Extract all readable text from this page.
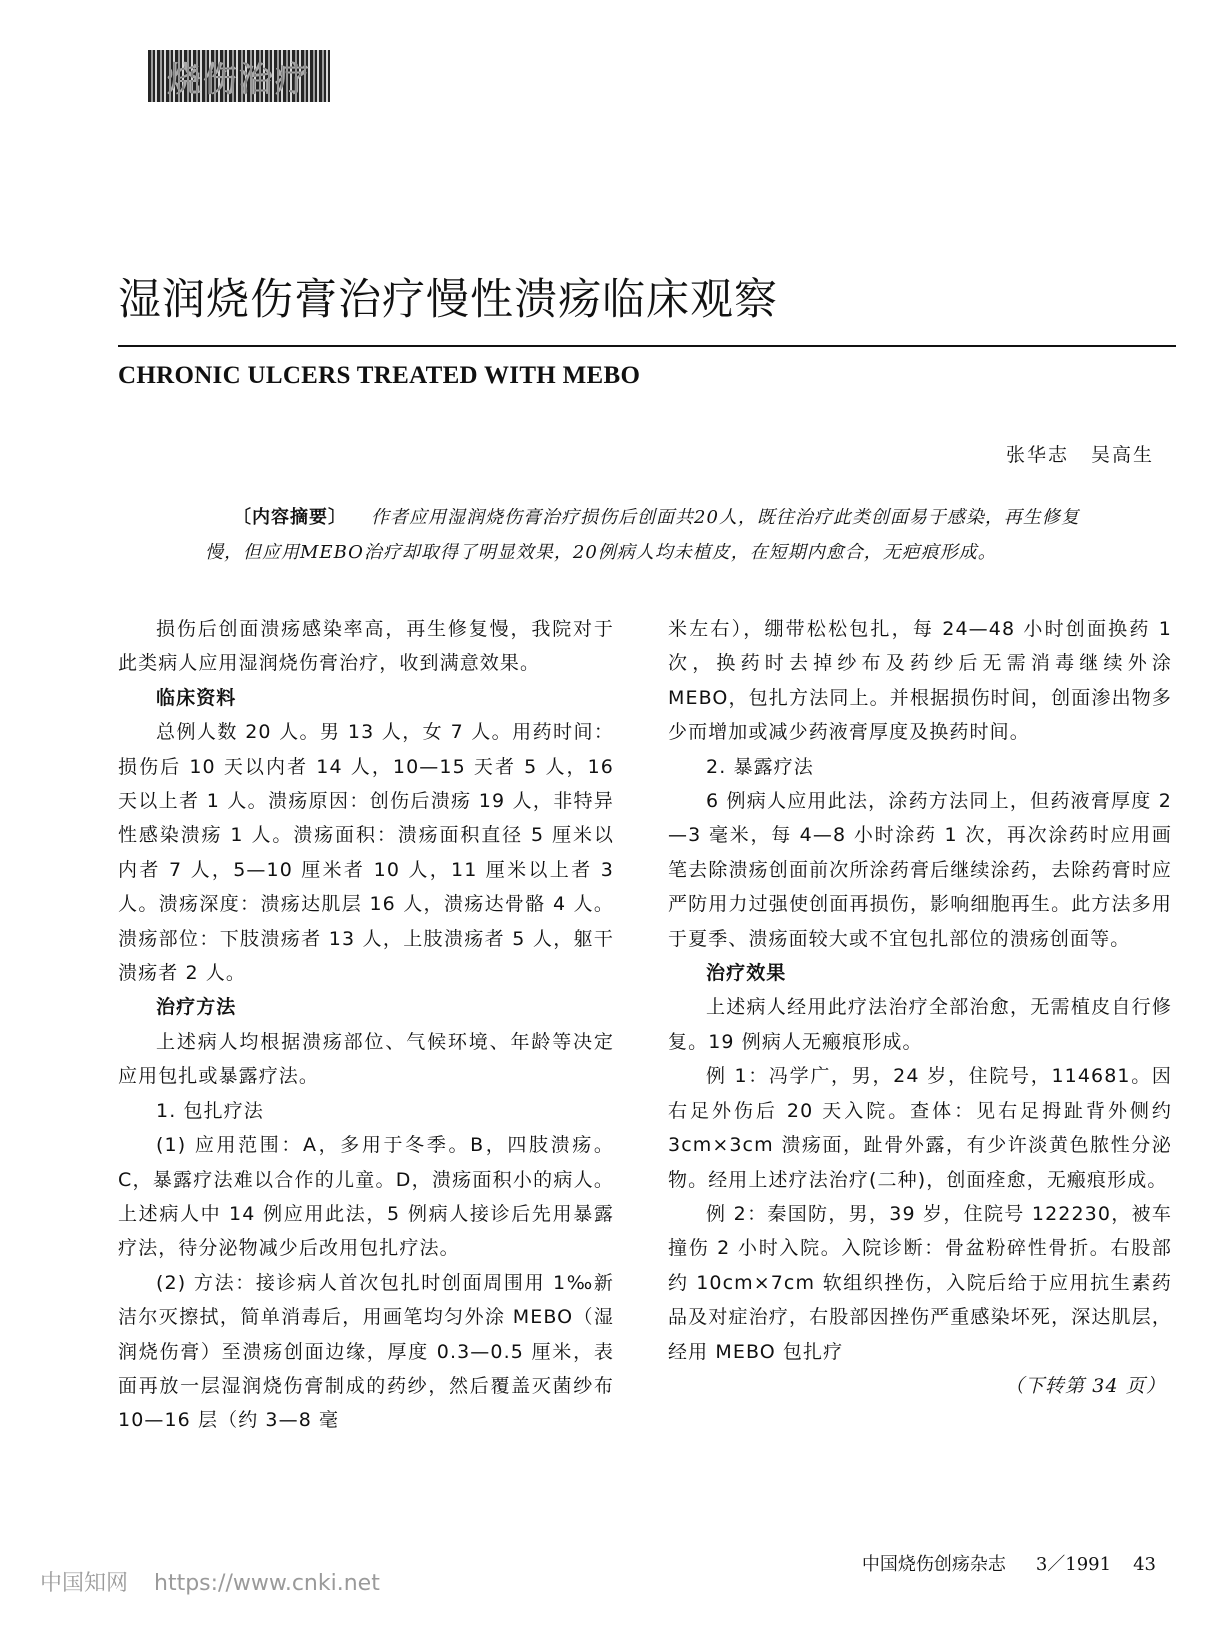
烧伤治疗
湿润烧伤膏治疗慢性溃疡临床观察
CHRONIC ULCERS TREATED WITH MEBO
张华志 吴高生
〔内容摘要〕 作者应用湿润烧伤膏治疗损伤后创面共20人，既往治疗此类创面易于感染，再生修复慢，但应用MEBO治疗却取得了明显效果，20例病人均未植皮，在短期内愈合，无疤痕形成。

损伤后创面溃疡感染率高，再生修复慢，我院对于此类病人应用湿润烧伤膏治疗，收到满意效果。

临床资料

总例人数 20 人。男 13 人，女 7 人。用药时间：损伤后 10 天以内者 14 人，10—15 天者 5 人，16 天以上者 1 人。溃疡原因：创伤后溃疡 19 人，非特异性感染溃疡 1 人。溃疡面积：溃疡面积直径 5 厘米以内者 7 人，5—10 厘米者 10 人，11 厘米以上者 3 人。溃疡深度：溃疡达肌层 16 人，溃疡达骨骼 4 人。溃疡部位：下肢溃疡者 13 人，上肢溃疡者 5 人，躯干溃疡者 2 人。

治疗方法

上述病人均根据溃疡部位、气候环境、年龄等决定应用包扎或暴露疗法。

1. 包扎疗法

(1) 应用范围：A，多用于冬季。B，四肢溃疡。C，暴露疗法难以合作的儿童。D，溃疡面积小的病人。上述病人中 14 例应用此法，5 例病人接诊后先用暴露疗法，待分泌物减少后改用包扎疗法。

(2) 方法：接诊病人首次包扎时创面周围用 1‰新洁尔灭擦拭，简单消毒后，用画笔均匀外涂 MEBO（湿润烧伤膏）至溃疡创面边缘，厚度 0.3—0.5 厘米，表面再放一层湿润烧伤膏制成的药纱，然后覆盖灭菌纱布 10—16 层（约 3—8 毫

米左右），绷带松松包扎，每 24—48 小时创面换药 1 次，换药时去掉纱布及药纱后无需消毒继续外涂 MEBO，包扎方法同上。并根据损伤时间，创面渗出物多少而增加或减少药液膏厚度及换药时间。

2. 暴露疗法

6 例病人应用此法，涂药方法同上，但药液膏厚度 2—3 毫米，每 4—8 小时涂药 1 次，再次涂药时应用画笔去除溃疡创面前次所涂药膏后继续涂药，去除药膏时应严防用力过强使创面再损伤，影响细胞再生。此方法多用于夏季、溃疡面较大或不宜包扎部位的溃疡创面等。

治疗效果

上述病人经用此疗法治疗全部治愈，无需植皮自行修复。19 例病人无瘢痕形成。

例 1：冯学广，男，24 岁，住院号，114681。因右足外伤后 20 天入院。查体：见右足拇趾背外侧约 3cm×3cm 溃疡面，趾骨外露，有少许淡黄色脓性分泌物。经用上述疗法治疗(二种)，创面痊愈，无瘢痕形成。

例 2：秦国防，男，39 岁，住院号 122230，被车撞伤 2 小时入院。入院诊断：骨盆粉碎性骨折。右股部约 10cm×7cm 软组织挫伤，入院后给于应用抗生素药品及对症治疗，右股部因挫伤严重感染坏死，深达肌层，经用 MEBO 包扎疗

（下转第 34 页）
中国烧伤创疡杂志 3／1991 43
中国知网 https://www.cnki.net
